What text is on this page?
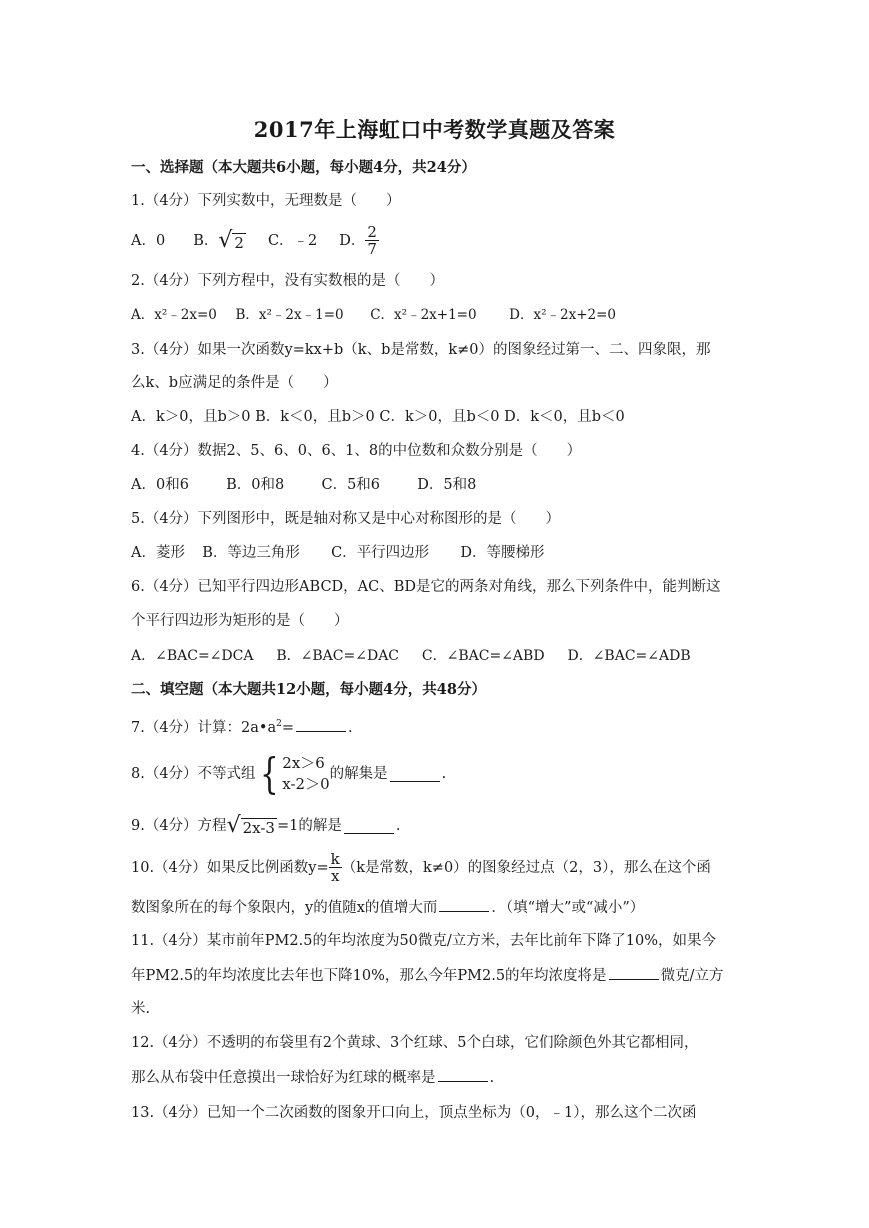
2017年上海虹口中考数学真题及答案
一、选择题（本大题共6小题，每小题4分，共24分）
1.（4分）下列实数中，无理数是（　　）
A．0 B． √ 2 C．﹣2 D． $\frac{2}{7}$
2.（4分）下列方程中，没有实数根的是（　　）
A．x²﹣2x=0 B．x²﹣2x﹣1=0 C．x²﹣2x+1=0 D．x²﹣2x+2=0
3.（4分）如果一次函数y=kx+b（k、b是常数，k≠0）的图象经过第一、二、四象限，那
么k、b应满足的条件是（　　）
A．k＞0，且b＞0 B．k＜0，且b＞0 C．k＞0，且b＜0 D．k＜0，且b＜0
4.（4分）数据2、5、6、0、6、1、8的中位数和众数分别是（　　）
A．0和6	B．0和8	C．5和6	D．5和8
5.（4分）下列图形中，既是轴对称又是中心对称图形的是（　　）
A．菱形 B．等边三角形 C．平行四边形 D．等腰梯形
6.（4分）已知平行四边形ABCD，AC、BD是它的两条对角线，那么下列条件中，能判断这
个平行四边形为矩形的是（　　）
A．∠BAC=∠DCA B．∠BAC=∠DAC C．∠BAC=∠ABD D．∠BAC=∠ADB
二、填空题（本大题共12小题，每小题4分，共48分）
7.（4分）计算：$2a•a^2=$	.
8.（4分）不等式组 { 2x＞6
x-2＞0
的解集是	.
9.（4分）方程 √ 2x-3 =1的解是	.
10.（4分）如果反比例函数$y= \frac{k}{x} (k$是常数，k≠0）的图象经过点（2，3），那么在这个函
数图象所在的每个象限内，y的值随x的值增大而	．（填“增大”或“减小”）
11.（4分）某市前年PM2.5的年均浓度为50微克/立方米，去年比前年下降了10%，如果今
年PM2.5的年均浓度比去年也下降10%，那么今年PM2.5的年均浓度将是	微克/立方
米.
12.（4分）不透明的布袋里有2个黄球、3个红球、5个白球，它们除颜色外其它都相同，
那么从布袋中任意摸出一球恰好为红球的概率是	.
13.（4分）已知一个二次函数的图象开口向上，顶点坐标为（0，﹣1），那么这个二次函
